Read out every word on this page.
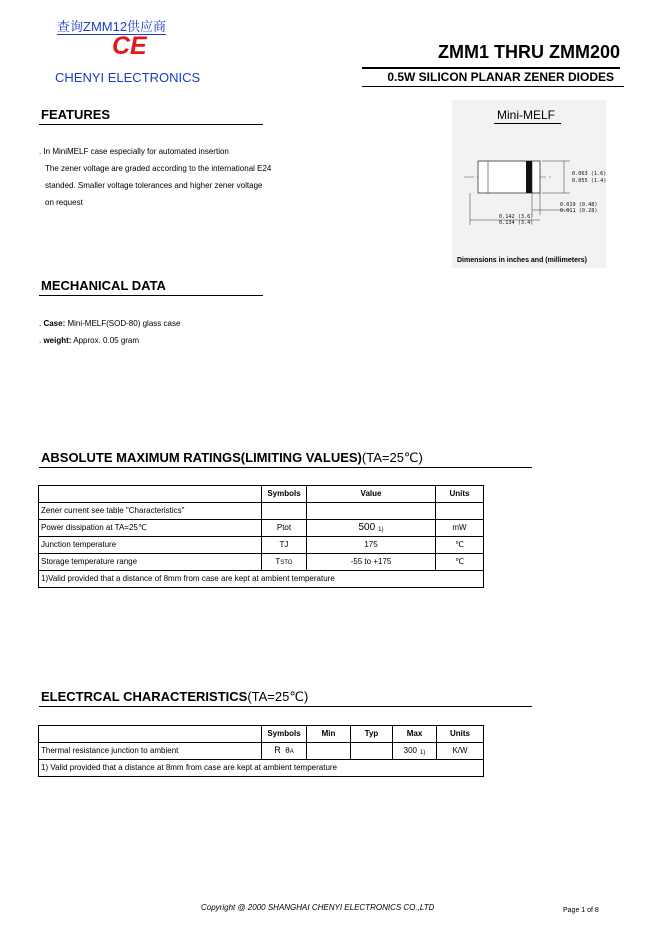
查询ZMM12供应商
CE
CHENYI ELECTRONICS
ZMM1 THRU ZMM200
0.5W SILICON PLANAR ZENER DIODES
FEATURES
. In MiniMELF case especially for automated insertion
The zener voltage are graded according to the international E24
standed. Smaller voltage tolerances and higher zener voltage
on request
Mini-MELF
0.063 (1.6)
0.055 (1.4)
0.019 (0.48)
0.011 (0.28)
0.142 (3.6)
0.134 (3.4)
Dimensions in inches and (millimeters)
MECHANICAL DATA
. Case: Mini-MELF(SOD-80) glass case
. weight: Approx. 0.05 gram
ABSOLUTE MAXIMUM RATINGS(LIMITING VALUES)(TA=25℃)
	Symbols	Value	Units
Zener current see table "Characteristics"			
Power dissipation at TA=25℃	Ptot	500 $^{1)}$	mW
Junction temperature	TJ	175	℃
Storage temperature range	TSTG	-55 to +175	℃
1)Valid provided that a distance of 8mm from case are kept at ambient temperature			
ELECTRCAL CHARACTERISTICS(TA=25℃)
	Symbols	Min	Typ	Max	Units
Thermal resistance junction to ambient	R θA			300 $^{1)}$	K/W
1) Valid provided that a distance at 8mm from case are kept at ambient temperature					
Copyright @ 2000 SHANGHAI CHENYI ELECTRONICS CO.,LTD	Page 1 of 8
